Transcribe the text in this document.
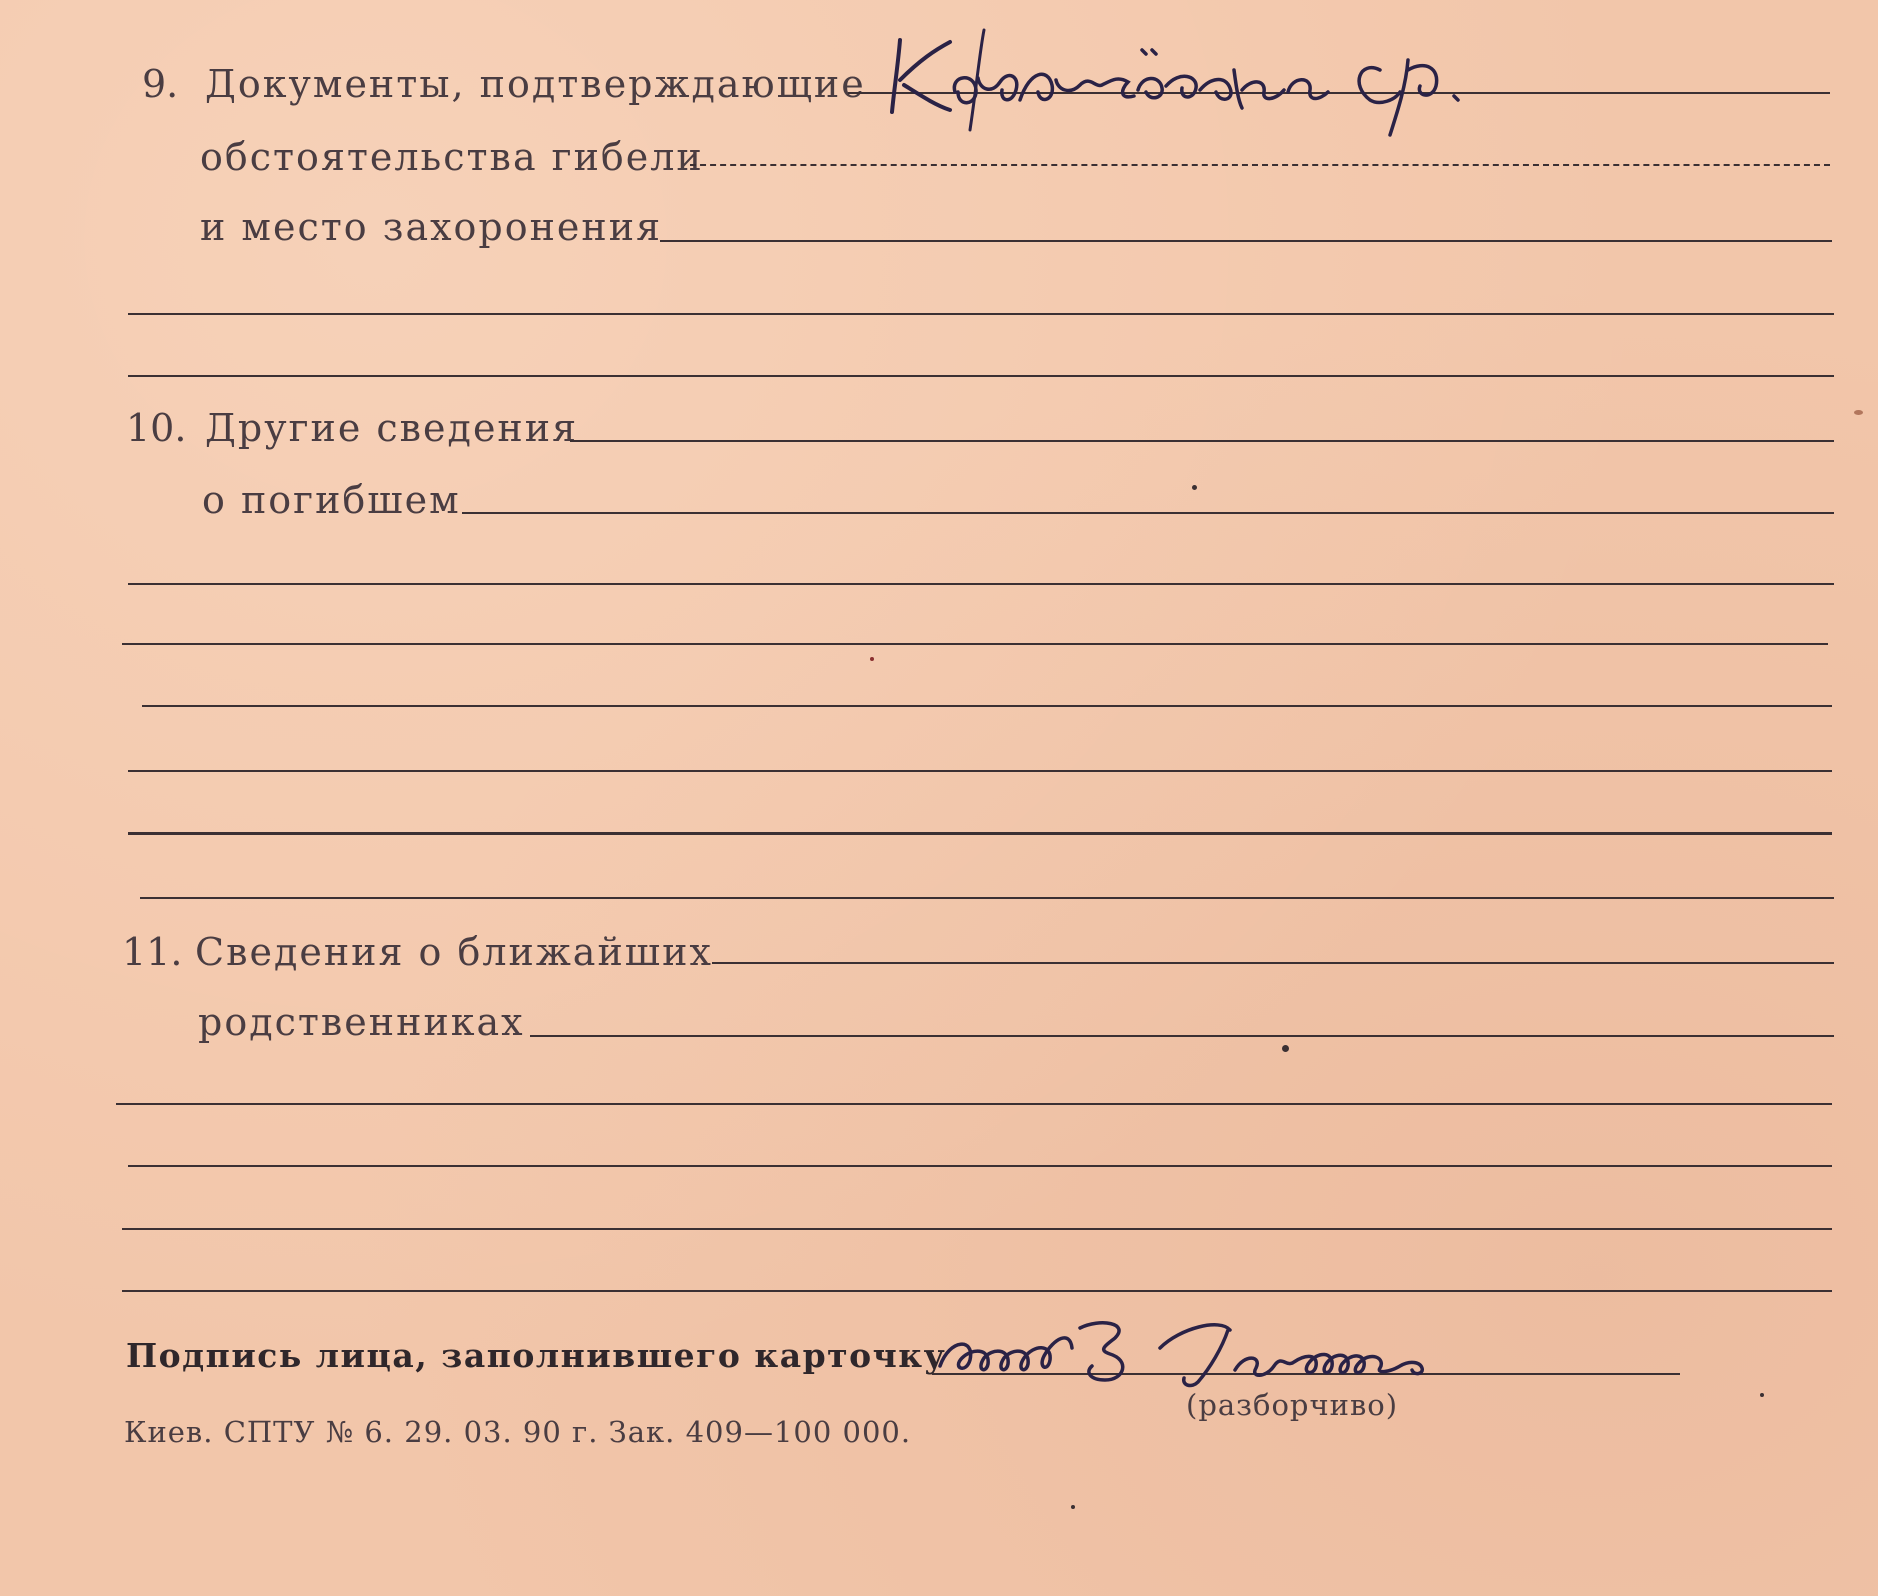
9. Документы, подтверждающие
обстоятельства гибели
и место захоронения
10. Другие сведения
о погибшем
11. Сведения о ближайших
родственниках
Подпись лица, заполнившего карточку
(разборчиво)
Киев. СПТУ № 6. 29. 03. 90 г. Зак. 409—100 000.
